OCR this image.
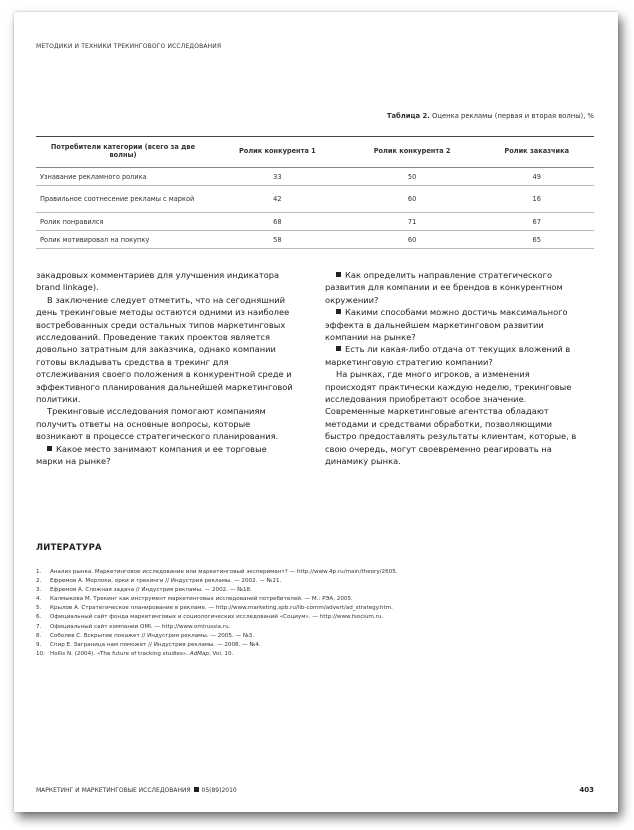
МЕТОДИКИ И ТЕХНИКИ ТРЕКИНГОВОГО ИССЛЕДОВАНИЯ
Таблица 2. Оценка рекламы (первая и вторая волны), %
Потребители категории (всего за две волны)	Ролик конкурента 1	Ролик конкурента 2	Ролик заказчика
Узнавание рекламного ролика	33	50	49
Правильное соотнесение рекламы с маркой	42	60	16
Ролик понравился	68	71	67
Ролик мотивировал на покупку	58	60	65

закадровых комментариев для улучшения индикатора brand linkage).

В заключение следует отметить, что на сегодняшний день трекинговые методы остаются одними из наиболее востребованных среди остальных типов маркетинговых исследований. Проведение таких проектов является довольно затратным для заказчика, однако компании готовы вкладывать средства в трекинг для отслеживания своего положения в конкурентной среде и эффективного планирования дальнейшей маркетинговой политики.

Трекинговые исследования помогают компаниям получить ответы на основные вопросы, которые возникают в процессе стратегического планирования.

Какое место занимают компания и ее торговые марки на рынке?

Как определить направление стратегического развития для компании и ее брендов в конкурентном окружении?

Какими способами можно достичь максимального эффекта в дальнейшем маркетинговом развитии компании на рынке?

Есть ли какая-либо отдача от текущих вложений в маркетинговую стратегию компании?

На рынках, где много игроков, а изменения происходят практически каждую неделю, трекинговые исследования приобретают особое значение. Современные маркетинговые агентства обладают методами и средствами обработки, позволяющими быстро предоставлять результаты клиентам, которые, в свою очередь, могут своевременно реагировать на динамику рынка.

ЛИТЕРАТУРА
1. Анализ рынка. Маркетинговое исследование или маркетинговый эксперимент? — http://www.4p.ru/main/theory/2605.
2. Ефремов А. Морлоки, орки и трекинги // Индустрия рекламы. — 2002. — №21.
3. Ефремов А. Сложная задача // Индустрия рекламы. — 2002. — №18.
4. Калмыкова М. Трекинг как инструмент маркетинговых исследований потребителей. — М.: РЭА, 2005.
5. Крылов А. Стратегическое планирование в рекламе. — http://www.marketing.spb.ru/lib-comm/advert/ad_strategy.htm.
6. Официальный сайт фонда маркетинговых и социологических исследований «Социум». — http://www.fsocium.ru.
7. Официальный сайт компании OMI. — http://www.omirussia.ru.
8. Соболев С. Вскрытие покажет // Индустрия рекламы. — 2005. — №3.
9. Спир Е. Заграница нам поможет // Индустрия рекламы. — 2008. — №4.
10. Hollis N. (2004). «The future of tracking studies». AdMap, Vol. 10.
МАРКЕТИНГ И МАРКЕТИНГОВЫЕ ИССЛЕДОВАНИЯ 05(89)2010	403
